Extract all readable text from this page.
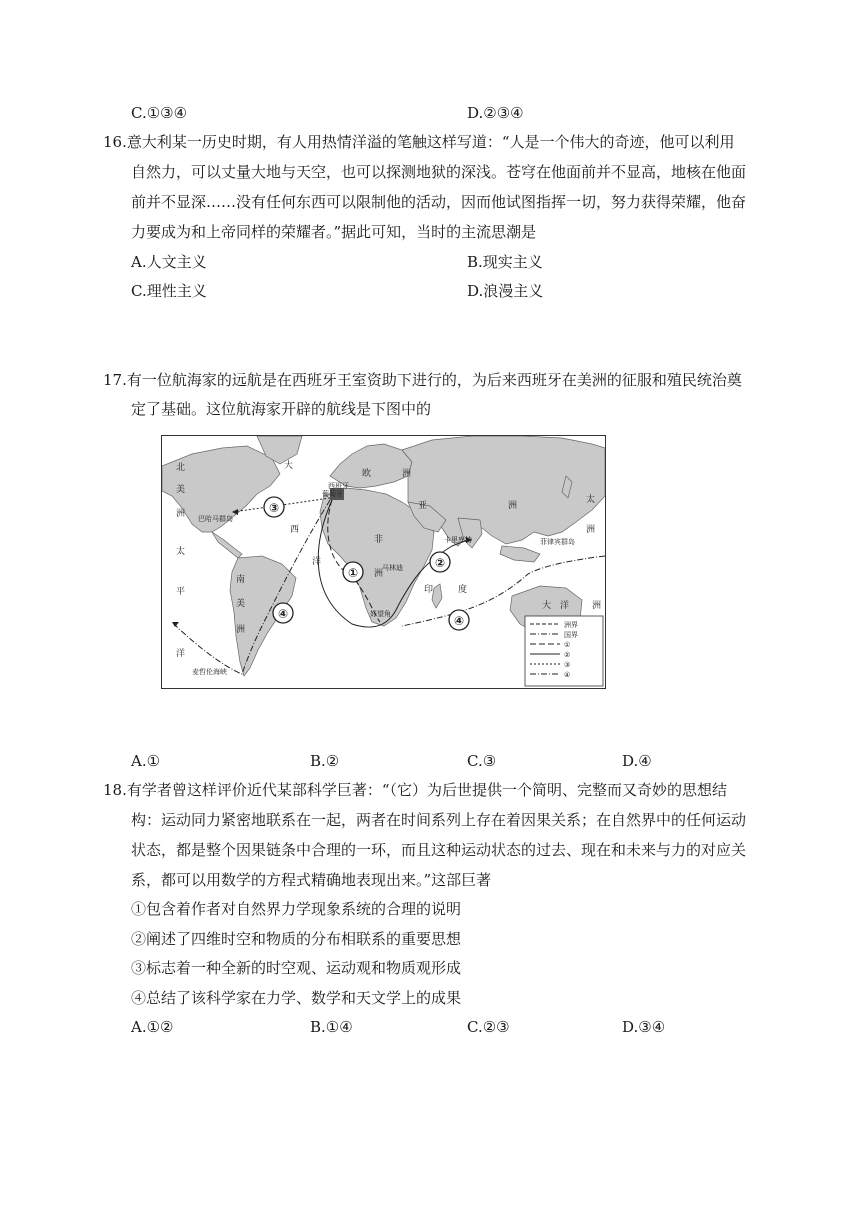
C.①③④	D.②③④
16.意大利某一历史时期，有人用热情洋溢的笔触这样写道：“人是一个伟大的奇迹，他可以利用
自然力，可以丈量大地与天空，也可以探测地狱的深浅。苍穹在他面前并不显高，地核在他面
前并不显深……没有任何东西可以限制他的活动，因而他试图指挥一切，努力获得荣耀，他奋
力要成为和上帝同样的荣耀者。”据此可知，当时的主流思潮是
A.人文主义	B.现实主义
C.理性主义	D.浪漫主义
17.有一位航海家的远航是在西班牙王室资助下进行的，为后来西班牙在美洲的征服和殖民统治奠
定了基础。这位航海家开辟的航线是下图中的
③
①
②
④	④
北
美
洲
大
西
欧	洲
亚	洲
太
洲
太
平
洋
非
洲
南
美
洲
洋
印	度
大 洋	洲
西班牙
葡萄牙
巴哈马群岛
卡里库特
马林迪
好望角
菲律宾群岛
麦哲伦海峡
洲界
国界
①
②
③
④
A.①	B.②	C.③	D.④
18.有学者曾这样评价近代某部科学巨著：“（它）为后世提供一个简明、完整而又奇妙的思想结
构：运动同力紧密地联系在一起，两者在时间系列上存在着因果关系；在自然界中的任何运动
状态，都是整个因果链条中合理的一环，而且这种运动状态的过去、现在和未来与力的对应关
系，都可以用数学的方程式精确地表现出来。”这部巨著
①包含着作者对自然界力学现象系统的合理的说明
②阐述了四维时空和物质的分布相联系的重要思想
③标志着一种全新的时空观、运动观和物质观形成
④总结了该科学家在力学、数学和天文学上的成果
A.①②	B.①④	C.②③	D.③④
